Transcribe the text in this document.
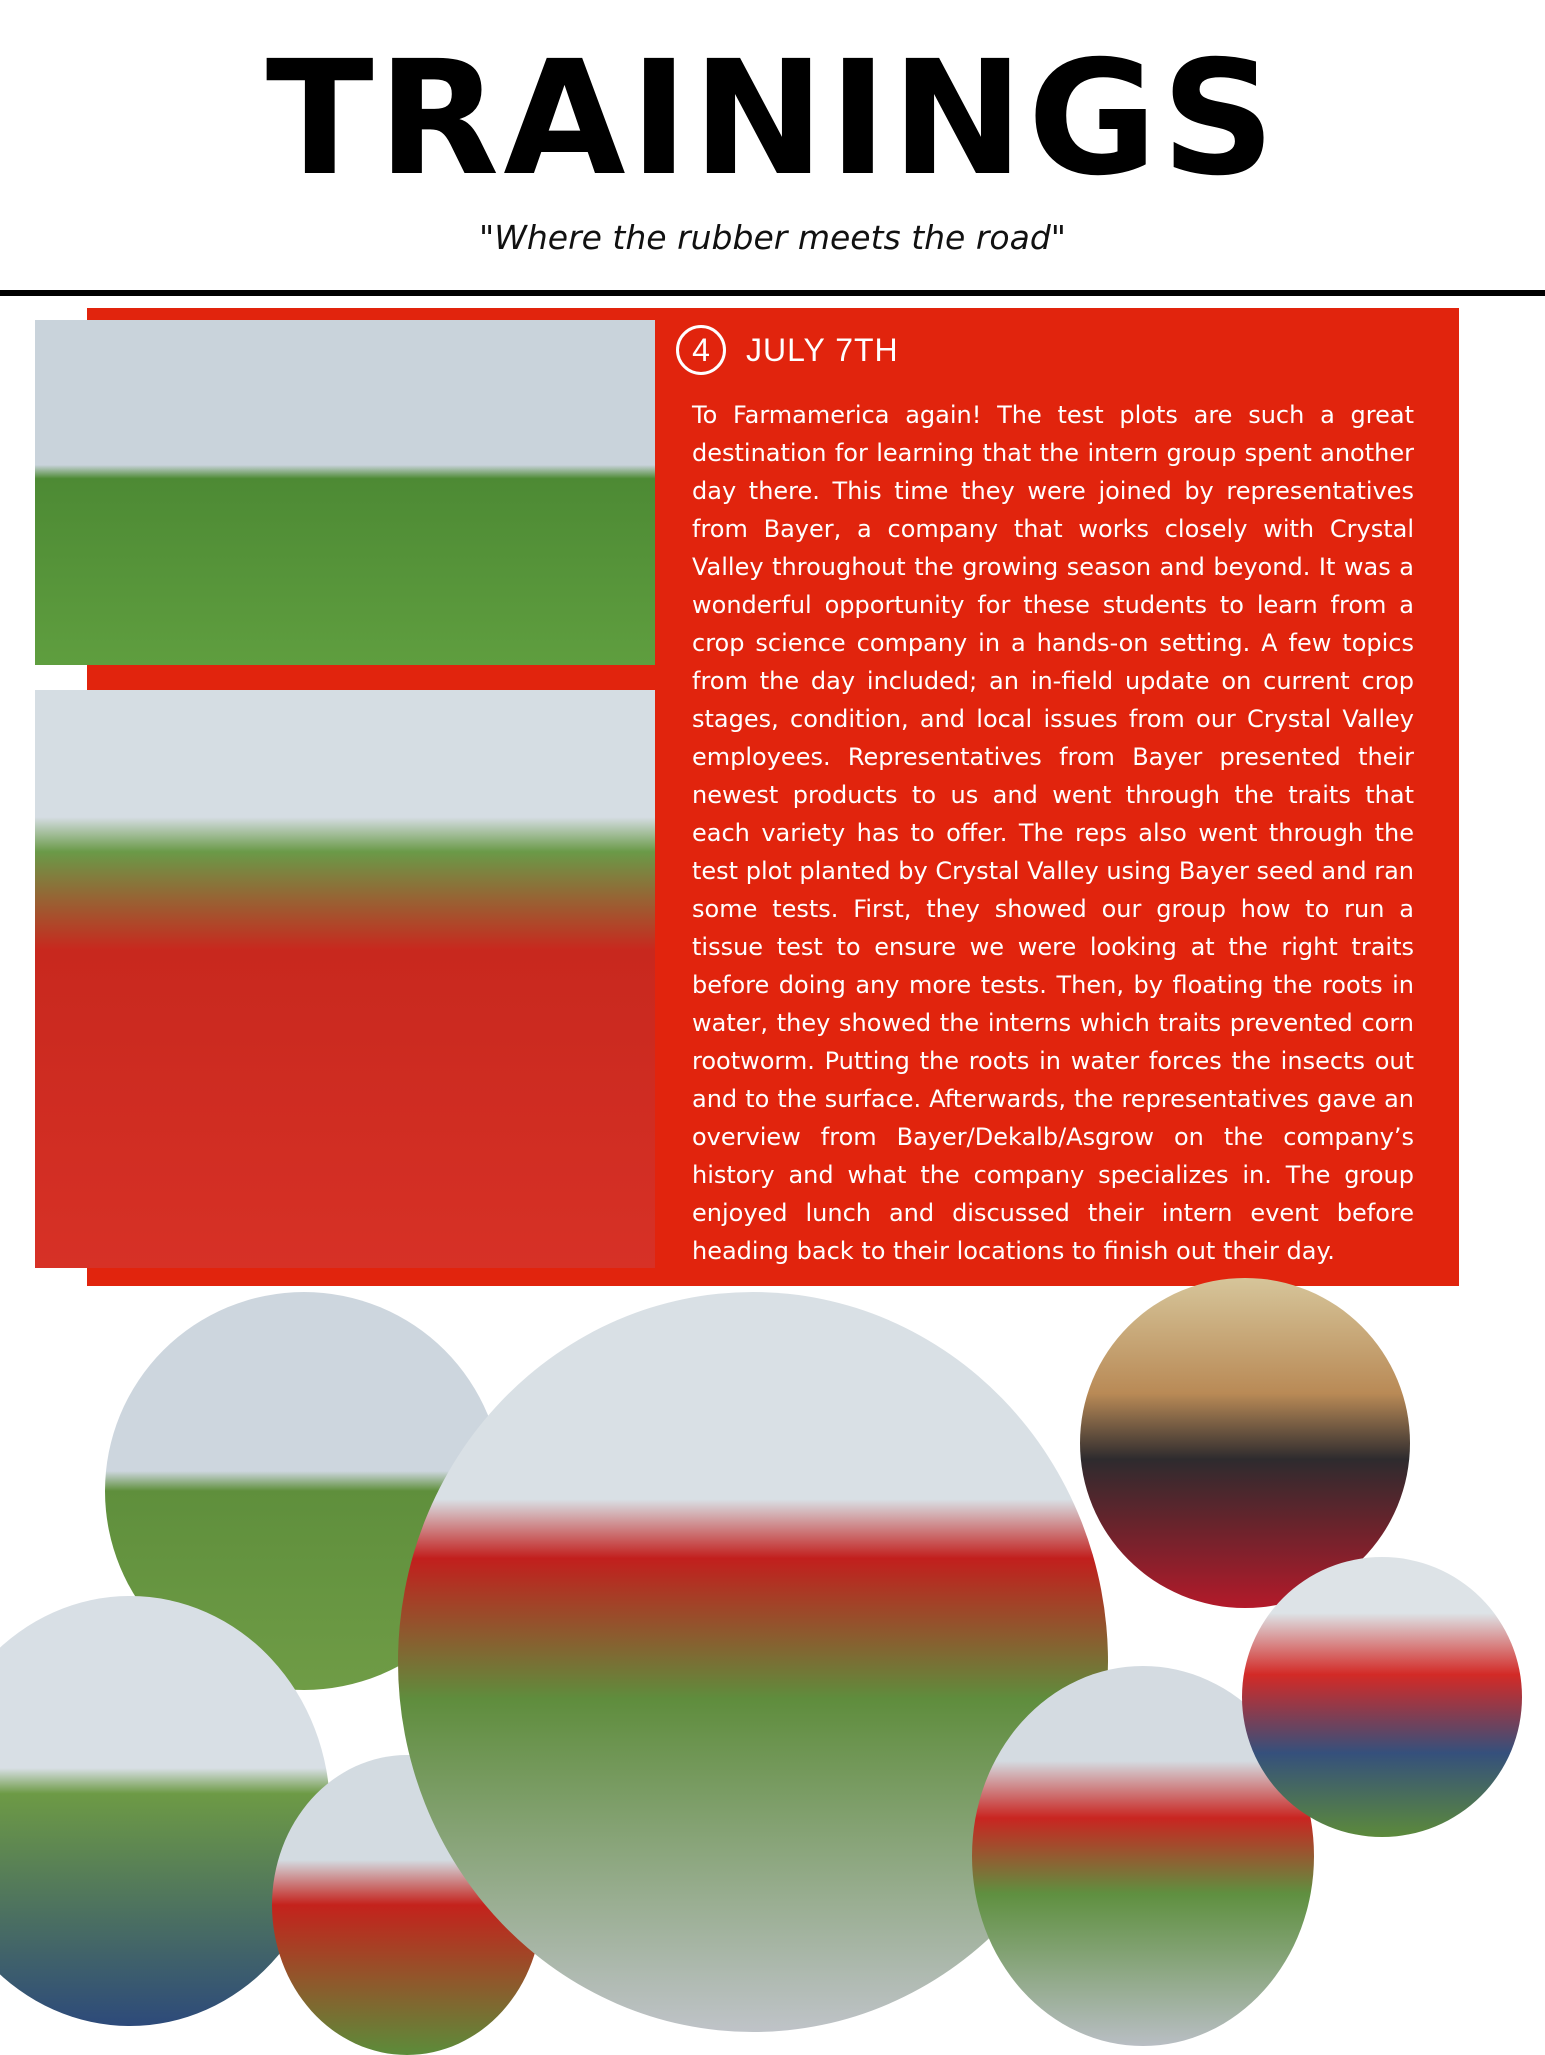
TRAININGS
"Where the rubber meets the road"
4	JULY 7TH

To Farmamerica again! The test plots are such a great destination for learning that the intern group spent another day there. This time they were joined by representatives from Bayer, a company that works closely with Crystal Valley throughout the growing season and beyond. It was a wonderful opportunity for these students to learn from a crop science company in a hands-on setting. A few topics from the day included; an in-field update on current crop stages, condition, and local issues from our Crystal Valley employees. Representatives from Bayer presented their newest products to us and went through the traits that each variety has to offer. The reps also went through the test plot planted by Crystal Valley using Bayer seed and ran some tests. First, they showed our group how to run a tissue test to ensure we were looking at the right traits before doing any more tests. Then, by floating the roots in water, they showed the interns which traits prevented corn rootworm. Putting the roots in water forces the insects out and to the surface. Afterwards, the representatives gave an overview from Bayer/Dekalb/Asgrow on the company’s history and what the company specializes in. The group enjoyed lunch and discussed their intern event before heading back to their locations to finish out their day.
